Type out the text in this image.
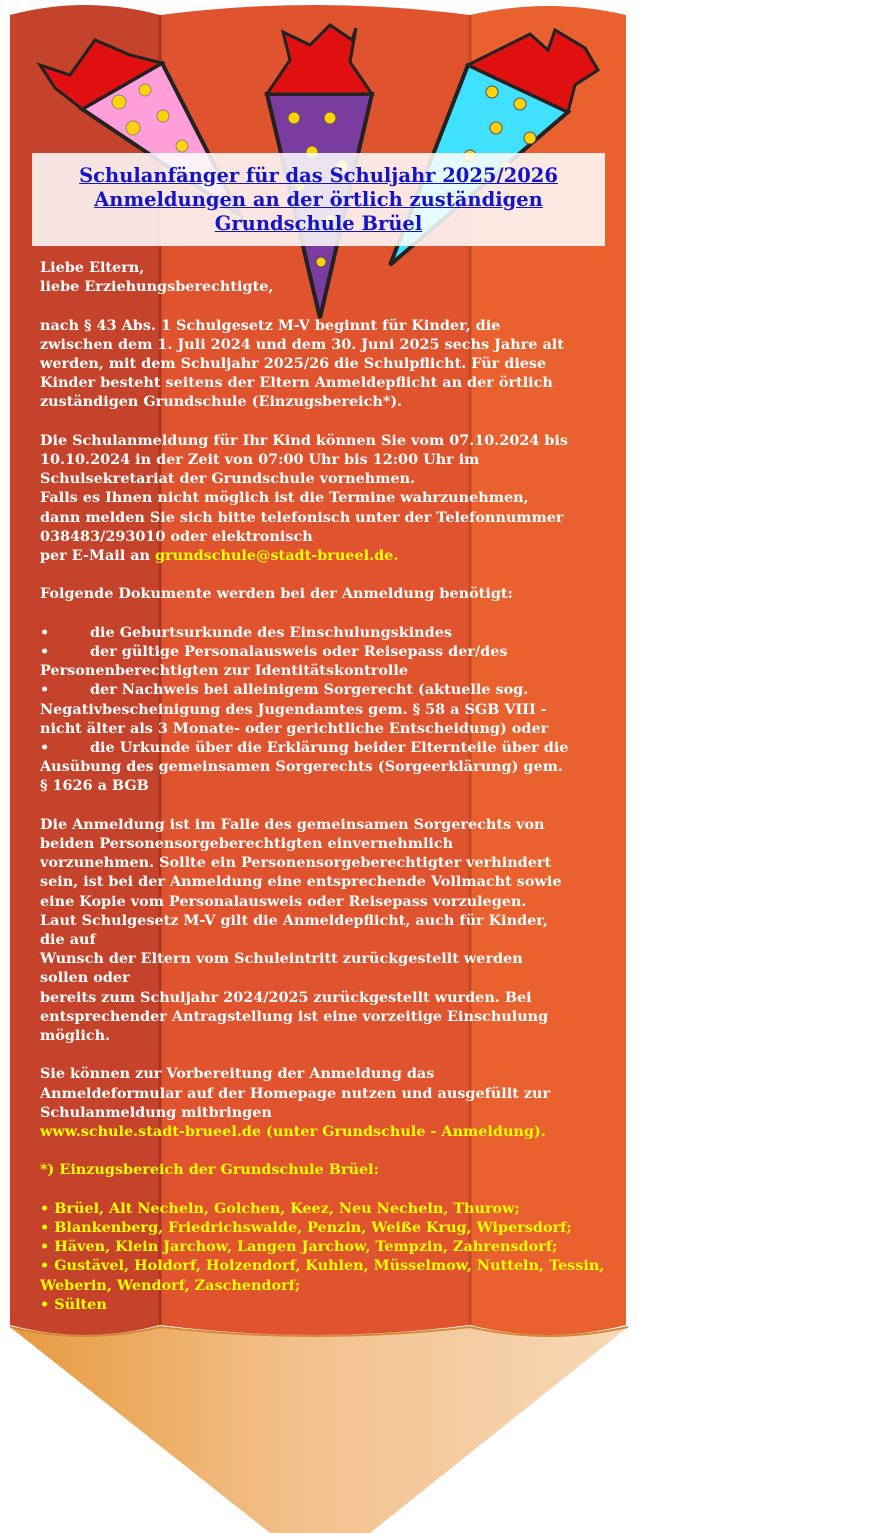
Schulanfänger für das Schuljahr 2025/2026
Anmeldungen an der örtlich zuständigen
Grundschule Brüel
Liebe Eltern,
liebe Erziehungsberechtigte,
nach § 43 Abs. 1 Schulgesetz M-V beginnt für Kinder, die
zwischen dem 1. Juli 2024 und dem 30. Juni 2025 sechs Jahre alt
werden, mit dem Schuljahr 2025/26 die Schulpflicht. Für diese
Kinder besteht seitens der Eltern Anmeldepflicht an der örtlich
zuständigen Grundschule (Einzugsbereich*).
Die Schulanmeldung für Ihr Kind können Sie vom 07.10.2024 bis
10.10.2024 in der Zeit von 07:00 Uhr bis 12:00 Uhr im
Schulsekretariat der Grundschule vornehmen.
Falls es Ihnen nicht möglich ist die Termine wahrzunehmen,
dann melden Sie sich bitte telefonisch unter der Telefonnummer
038483/293010 oder elektronisch
per E-Mail an grundschule@stadt-brueel.de.
Folgende Dokumente werden bei der Anmeldung benötigt:
•	die Geburtsurkunde des Einschulungskindes
•	der gültige Personalausweis oder Reisepass der/des
Personenberechtigten zur Identitätskontrolle
•	der Nachweis bei alleinigem Sorgerecht (aktuelle sog.
Negativbescheinigung des Jugendamtes gem. § 58 a SGB VIII -
nicht älter als 3 Monate- oder gerichtliche Entscheidung) oder
•	die Urkunde über die Erklärung beider Elternteile über die
Ausübung des gemeinsamen Sorgerechts (Sorgeerklärung) gem.
§ 1626 a BGB
Die Anmeldung ist im Falle des gemeinsamen Sorgerechts von
beiden Personensorgeberechtigten einvernehmlich
vorzunehmen. Sollte ein Personensorgeberechtigter verhindert
sein, ist bei der Anmeldung eine entsprechende Vollmacht sowie
eine Kopie vom Personalausweis oder Reisepass vorzulegen.
Laut Schulgesetz M-V gilt die Anmeldepflicht, auch für Kinder,
die auf
Wunsch der Eltern vom Schuleintritt zurückgestellt werden
sollen oder
bereits zum Schuljahr 2024/2025 zurückgestellt wurden. Bei
entsprechender Antragstellung ist eine vorzeitige Einschulung
möglich.
Sie können zur Vorbereitung der Anmeldung das
Anmeldeformular auf der Homepage nutzen und ausgefüllt zur
Schulanmeldung mitbringen
www.schule.stadt-brueel.de (unter Grundschule - Anmeldung).
*) Einzugsbereich der Grundschule Brüel:
• Brüel, Alt Necheln, Golchen, Keez, Neu Necheln, Thurow;
• Blankenberg, Friedrichswalde, Penzin, Weiße Krug, Wipersdorf;
• Häven, Klein Jarchow, Langen Jarchow, Tempzin, Zahrensdorf;
• Gustävel, Holdorf, Holzendorf, Kuhlen, Müsselmow, Nutteln, Tessin,
Weberin, Wendorf, Zaschendorf;
• Sülten
